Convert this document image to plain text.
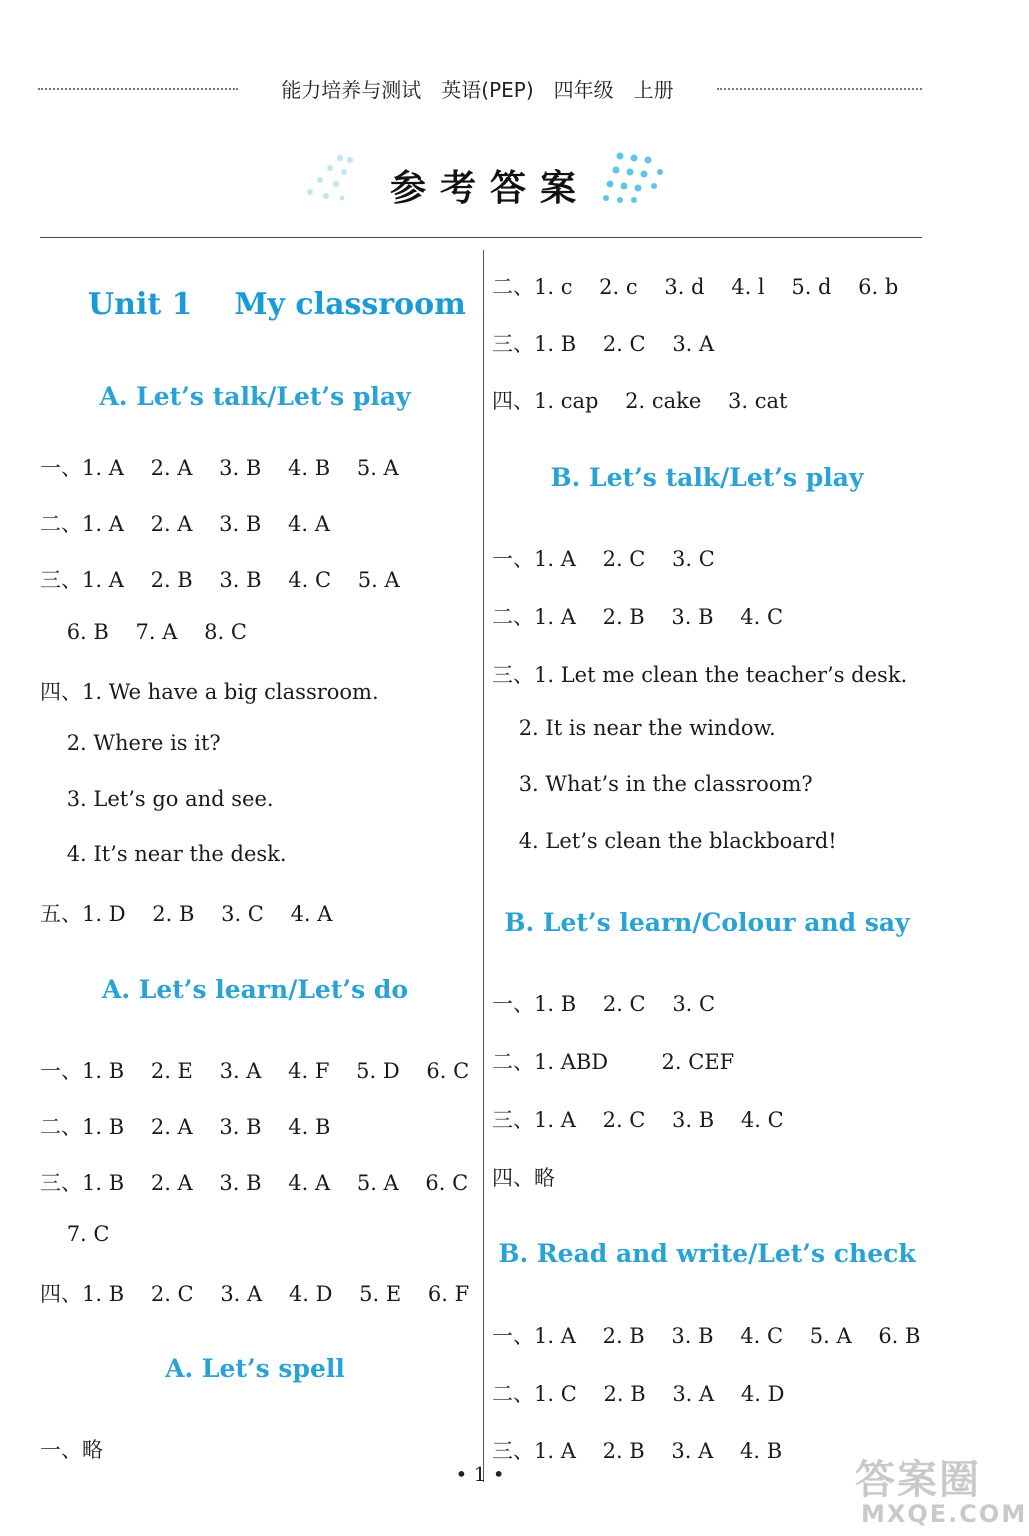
能力培养与测试　英语(PEP)　四年级　上册
参考答案
Unit 1    My classroom
A. Let’s talk/Let’s play
一、1. A    2. A    3. B    4. B    5. A
二、1. A    2. A    3. B    4. A
三、1. A    2. B    3. B    4. C    5. A
6. B    7. A    8. C
四、1. We have a big classroom.
2. Where is it?
3. Let’s go and see.
4. It’s near the desk.
五、1. D    2. B    3. C    4. A
A. Let’s learn/Let’s do
一、1. B    2. E    3. A    4. F    5. D    6. C
二、1. B    2. A    3. B    4. B
三、1. B    2. A    3. B    4. A    5. A    6. C
7. C
四、1. B    2. C    3. A    4. D    5. E    6. F
A. Let’s spell
一、略
二、1. c    2. c    3. d    4. l    5. d    6. b
三、1. B    2. C    3. A
四、1. cap    2. cake    3. cat
B. Let’s talk/Let’s play
一、1. A    2. C    3. C
二、1. A    2. B    3. B    4. C
三、1. Let me clean the teacher’s desk.
2. It is near the window.
3. What’s in the classroom?
4. Let’s clean the blackboard!
B. Let’s learn/Colour and say
一、1. B    2. C    3. C
二、1. ABD        2. CEF
三、1. A    2. C    3. B    4. C
四、略
B. Read and write/Let’s check
一、1. A    2. B    3. B    4. C    5. A    6. B
二、1. C    2. B    3. A    4. D
三、1. A    2. B    3. A    4. B
• 1 •	答案圈
MXQE.COM
